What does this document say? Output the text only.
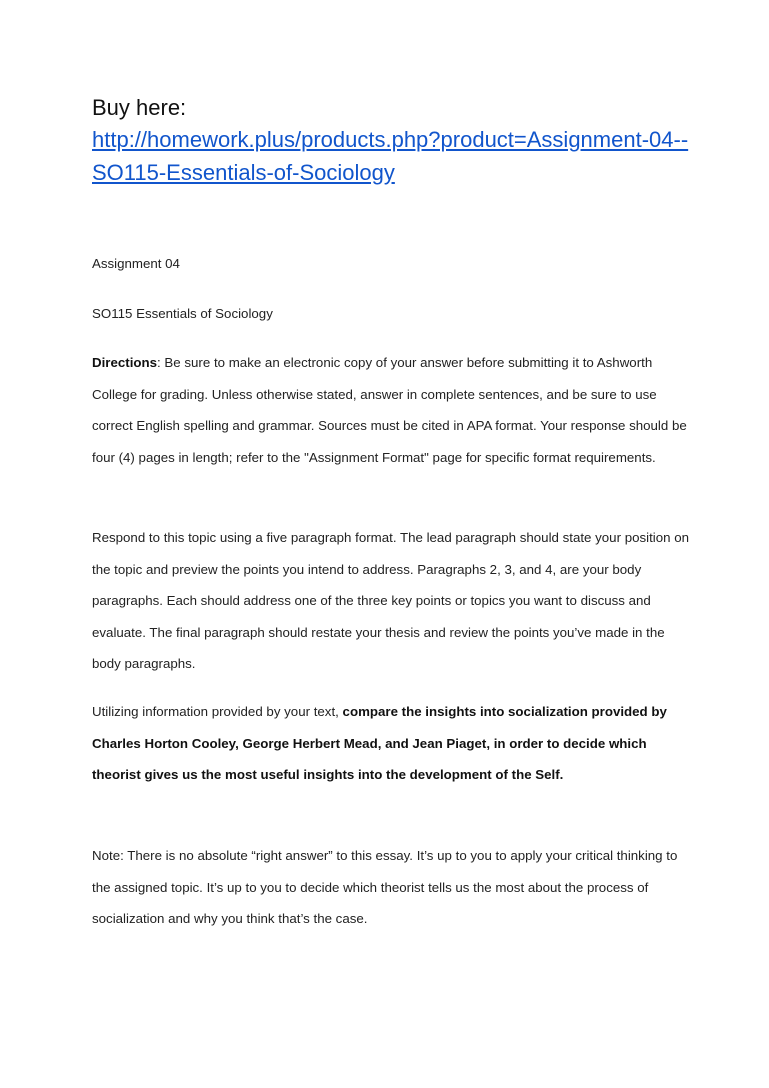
Buy here:

http://homework.plus/products.php?product=Assignment-04--SO115-Essentials-of-Sociology

Assignment 04

SO115 Essentials of Sociology

Directions: Be sure to make an electronic copy of your answer before submitting it to Ashworth College for grading. Unless otherwise stated, answer in complete sentences, and be sure to use correct English spelling and grammar. Sources must be cited in APA format. Your response should be four (4) pages in length; refer to the "Assignment Format" page for specific format requirements.

Respond to this topic using a five paragraph format. The lead paragraph should state your position on the topic and preview the points you intend to address. Paragraphs 2, 3, and 4, are your body paragraphs. Each should address one of the three key points or topics you want to discuss and evaluate. The final paragraph should restate your thesis and review the points you’ve made in the body paragraphs.

Utilizing information provided by your text, compare the insights into socialization provided by Charles Horton Cooley, George Herbert Mead, and Jean Piaget, in order to decide which theorist gives us the most useful insights into the development of the Self.

Note: There is no absolute “right answer” to this essay. It’s up to you to apply your critical thinking to the assigned topic. It’s up to you to decide which theorist tells us the most about the process of socialization and why you think that’s the case.
